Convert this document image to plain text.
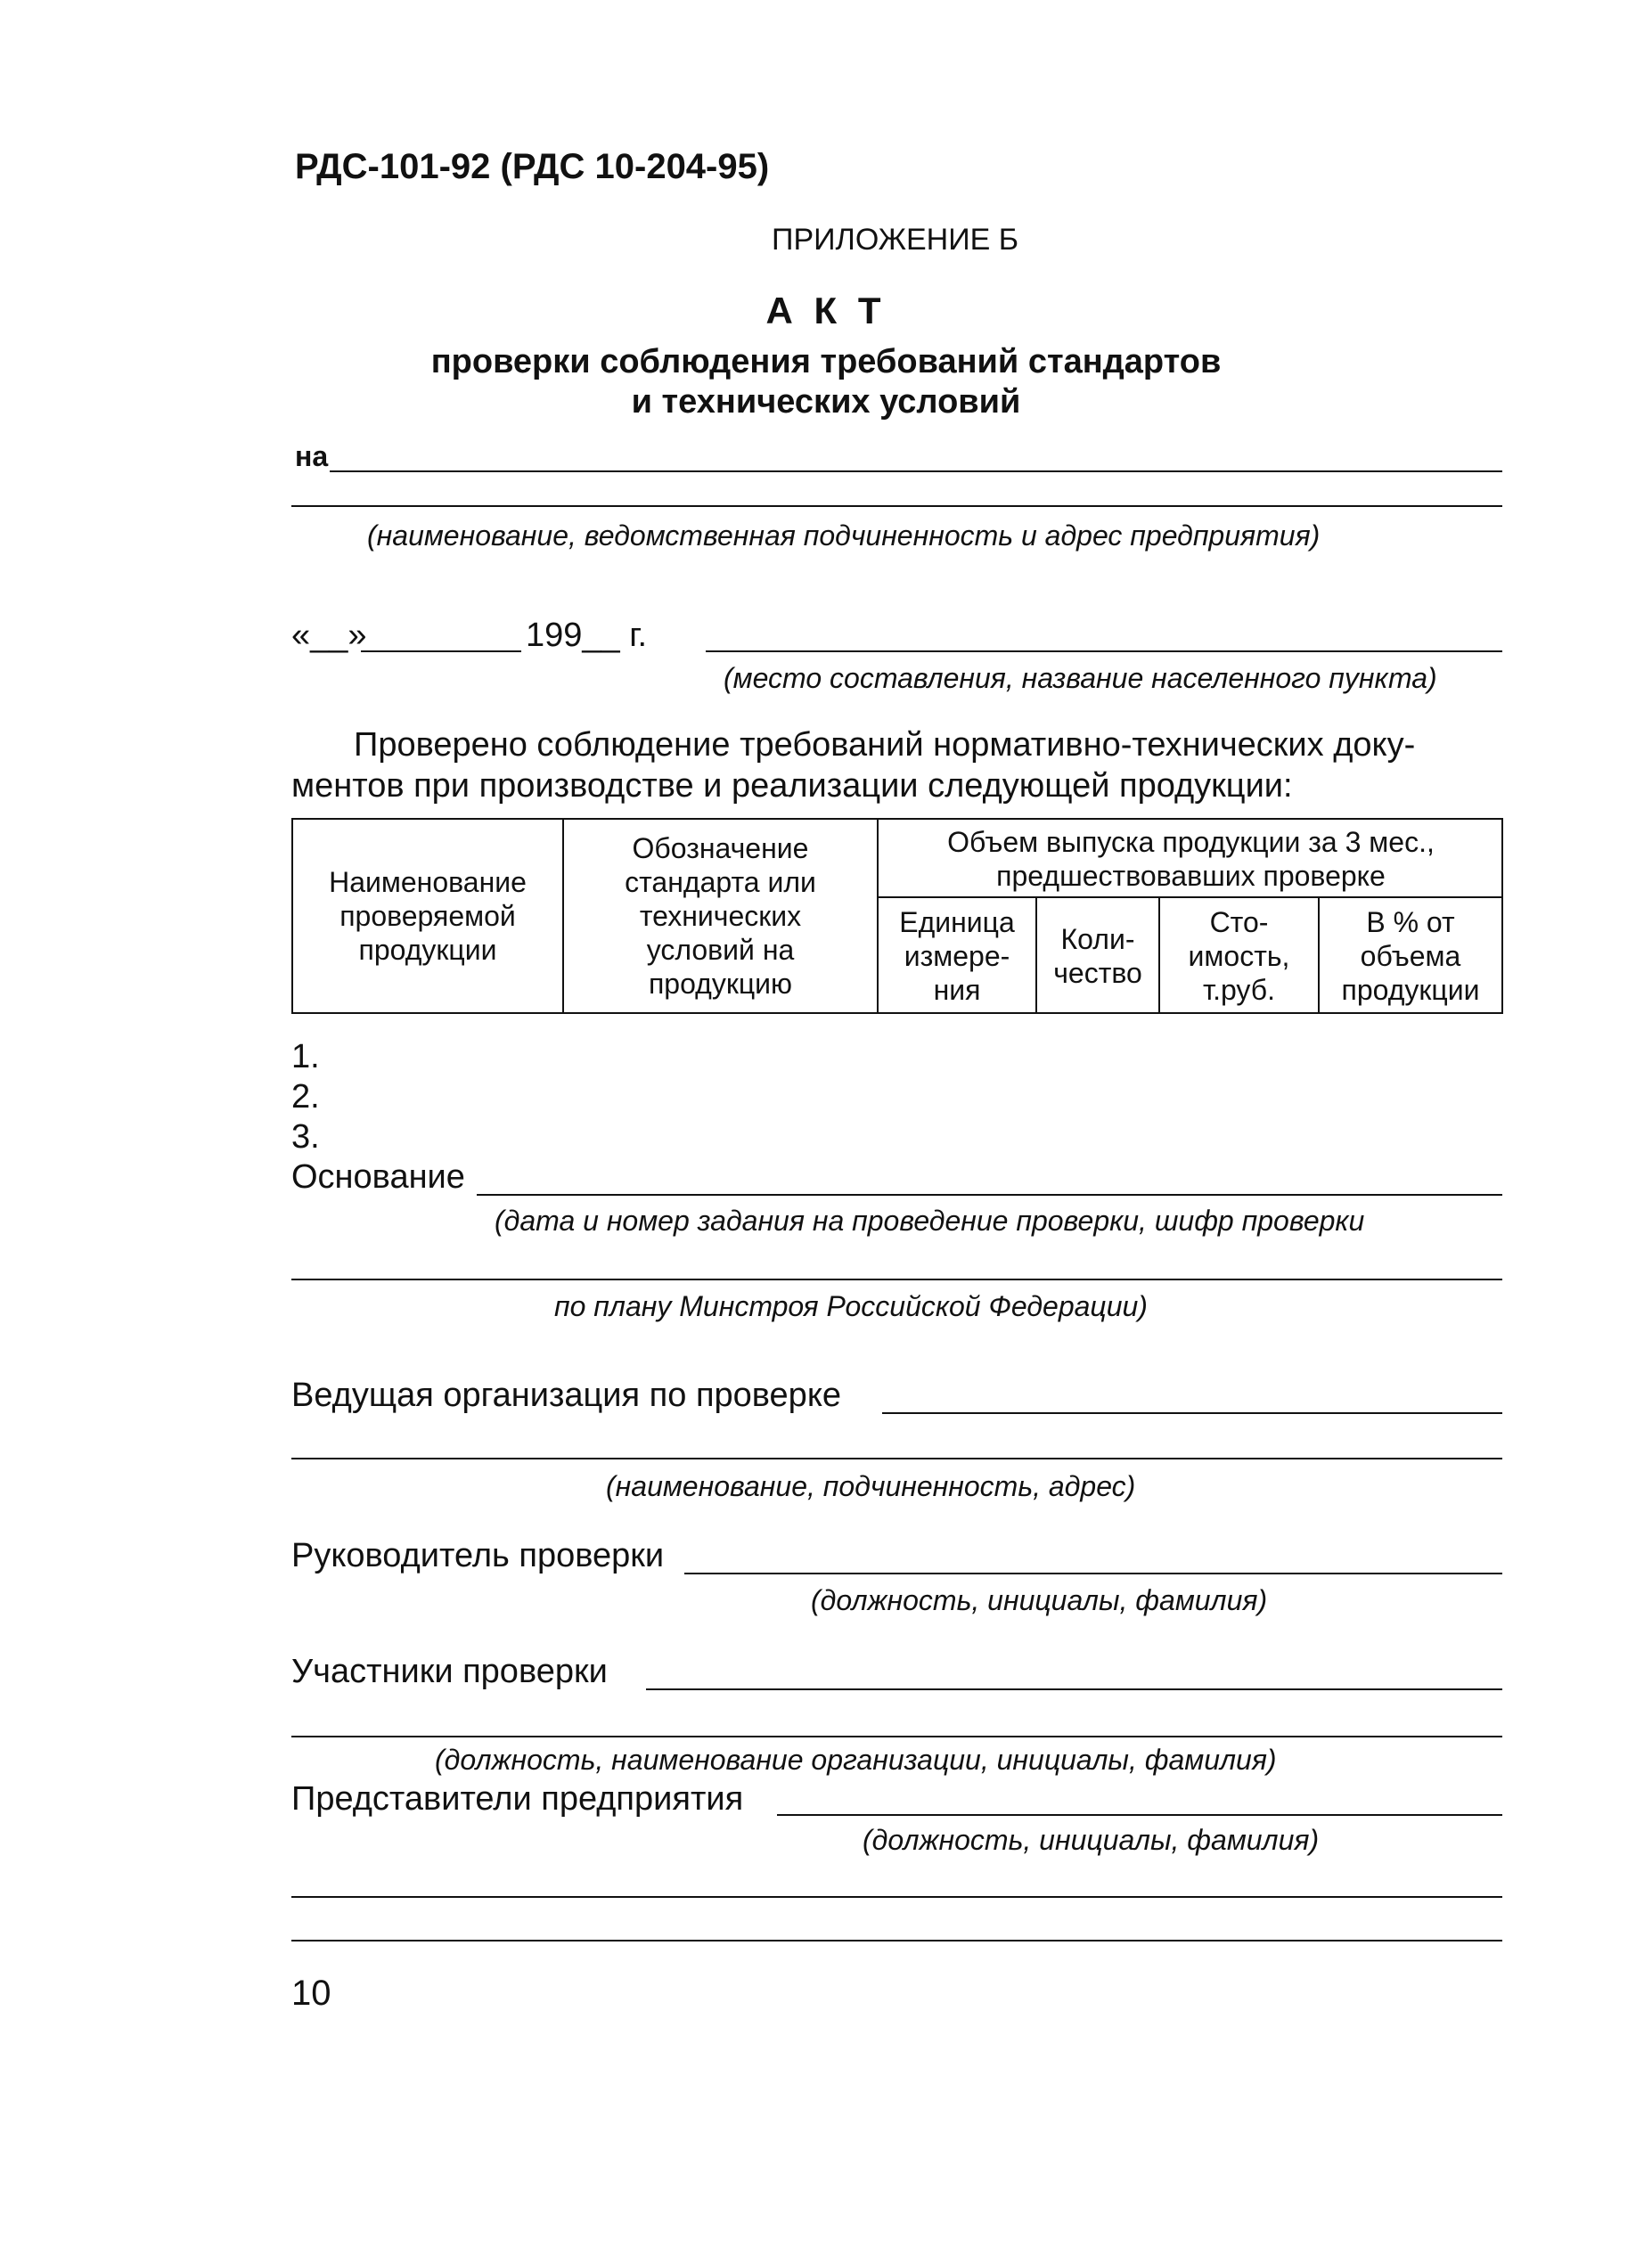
РДС-101-92 (РДС 10-204-95)
ПРИЛОЖЕНИЕ Б
А К Т
проверки соблюдения требований стандартов
и технических условий
на
(наименование, ведомственная подчиненность и адрес предприятия)
«__»	199__ г.
(место составления, название населенного пункта)
Проверено соблюдение требований нормативно-технических доку-
ментов при производстве и реализации следующей продукции:
Наименование
проверяемой
продукции
Обозначение
стандарта или
технических
условий на
продукцию
Объем выпуска продукции за 3 мес.,
предшествовавших проверке
Единица
измере-
ния
Коли-
чество
Сто-
имость,
т.руб.
В % от
объема
продукции
1.
2.
3.
Основание
(дата и номер задания на проведение проверки, шифр проверки
по плану Минстроя Российской Федерации)
Ведущая организация по проверке
(наименование, подчиненность, адрес)
Руководитель проверки
(должность, инициалы, фамилия)
Участники проверки
(должность, наименование организации, инициалы, фамилия)
Представители предприятия
(должность, инициалы, фамилия)
10
